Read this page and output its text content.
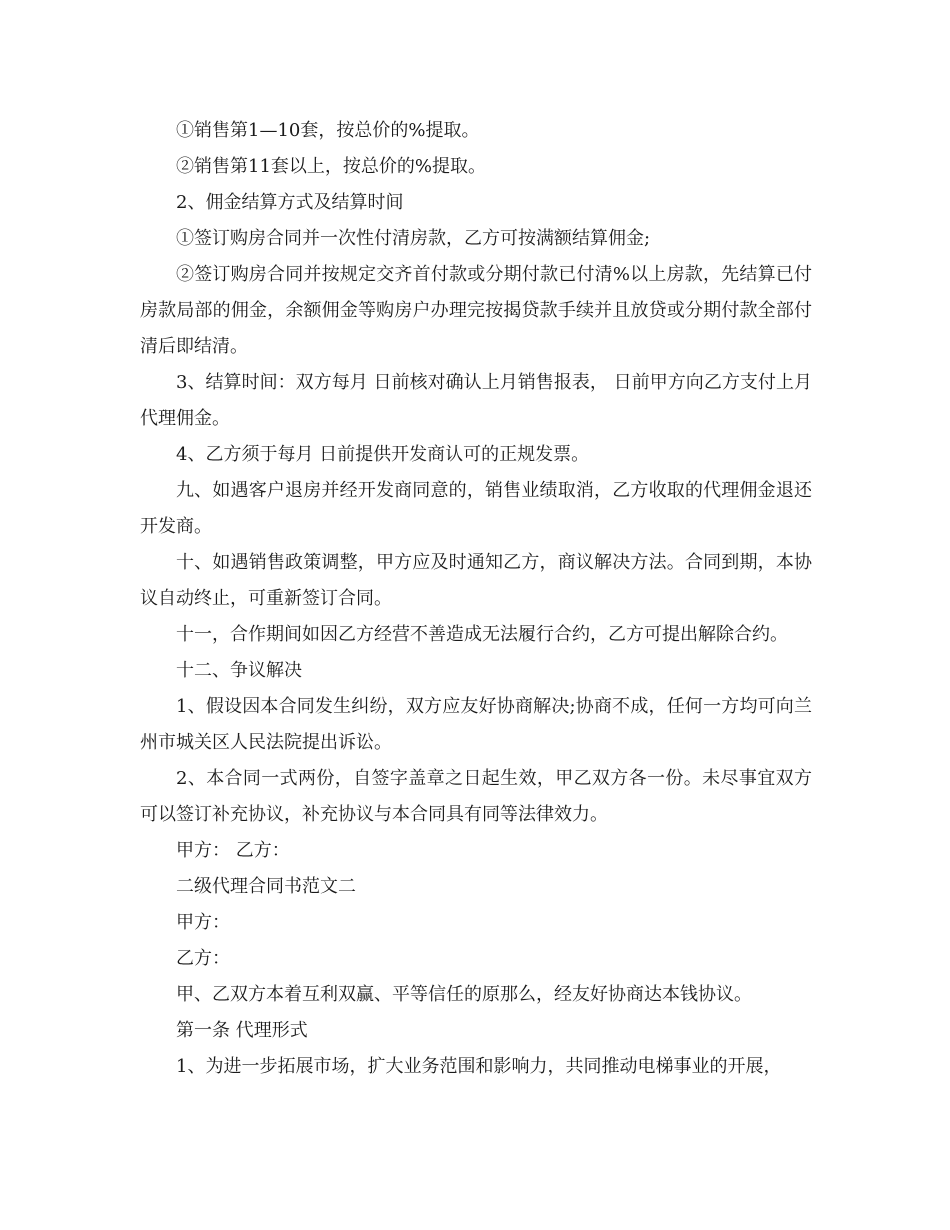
①销售第1—10套，按总价的%提取。

②销售第11套以上，按总价的%提取。

2、佣金结算方式及结算时间

①签订购房合同并一次性付清房款，乙方可按满额结算佣金;

②签订购房合同并按规定交齐首付款或分期付款已付清%以上房款，先结算已付房款局部的佣金，余额佣金等购房户办理完按揭贷款手续并且放贷或分期付款全部付清后即结清。

3、结算时间：双方每月 日前核对确认上月销售报表， 日前甲方向乙方支付上月代理佣金。

4、乙方须于每月 日前提供开发商认可的正规发票。

九、如遇客户退房并经开发商同意的，销售业绩取消，乙方收取的代理佣金退还开发商。

十、如遇销售政策调整，甲方应及时通知乙方，商议解决方法。合同到期，本协议自动终止，可重新签订合同。

十一，合作期间如因乙方经营不善造成无法履行合约，乙方可提出解除合约。

十二、争议解决

1、假设因本合同发生纠纷，双方应友好协商解决;协商不成，任何一方均可向兰州市城关区人民法院提出诉讼。

2、本合同一式两份，自签字盖章之日起生效，甲乙双方各一份。未尽事宜双方可以签订补充协议，补充协议与本合同具有同等法律效力。

甲方： 乙方：

二级代理合同书范文二

甲方：

乙方：

甲、乙双方本着互利双赢、平等信任的原那么，经友好协商达本钱协议。

第一条 代理形式

1、为进一步拓展市场，扩大业务范围和影响力，共同推动电梯事业的开展，
